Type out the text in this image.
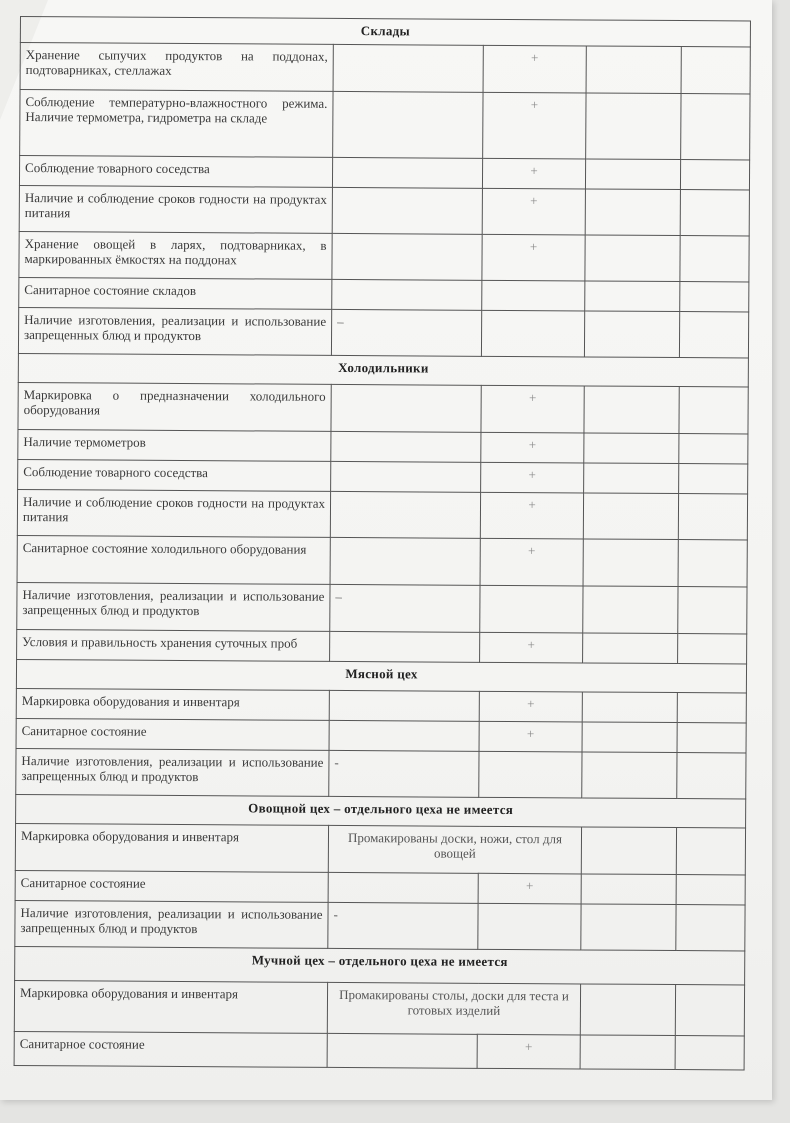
Склады				
Хранение сыпучих продуктов на поддонах, подтоварниках, стеллажах		+		
Соблюдение температурно-влажностного режима. Наличие термометра, гидрометра на складе		+		
Соблюдение товарного соседства		+		
Наличие и соблюдение сроков годности на продуктах питания		+		
Хранение овощей в ларях, подтоварниках, в маркированных ёмкостях на поддонах		+		
Санитарное состояние складов				
Наличие изготовления, реализации и использование запрещенных блюд и продуктов	–			
Холодильники				
Маркировка о предназначении холодильного оборудования		+		
Наличие термометров		+		
Соблюдение товарного соседства		+		
Наличие и соблюдение сроков годности на продуктах питания		+		
Санитарное состояние холодильного оборудования		+		
Наличие изготовления, реализации и использование запрещенных блюд и продуктов	–			
Условия и правильность хранения суточных проб		+		
Мясной цех				
Маркировка оборудования и инвентаря		+		
Санитарное состояние		+		
Наличие изготовления, реализации и использование запрещенных блюд и продуктов	-			
Овощной цех – отдельного цеха не имеется				
Маркировка оборудования и инвентаря	Промакированы доски, ножи, стол для овощей			
Санитарное состояние		+		
Наличие изготовления, реализации и использование запрещенных блюд и продуктов	-			
Мучной цех – отдельного цеха не имеется				
Маркировка оборудования и инвентаря	Промакированы столы, доски для теста и готовых изделий			
Санитарное состояние		+		
